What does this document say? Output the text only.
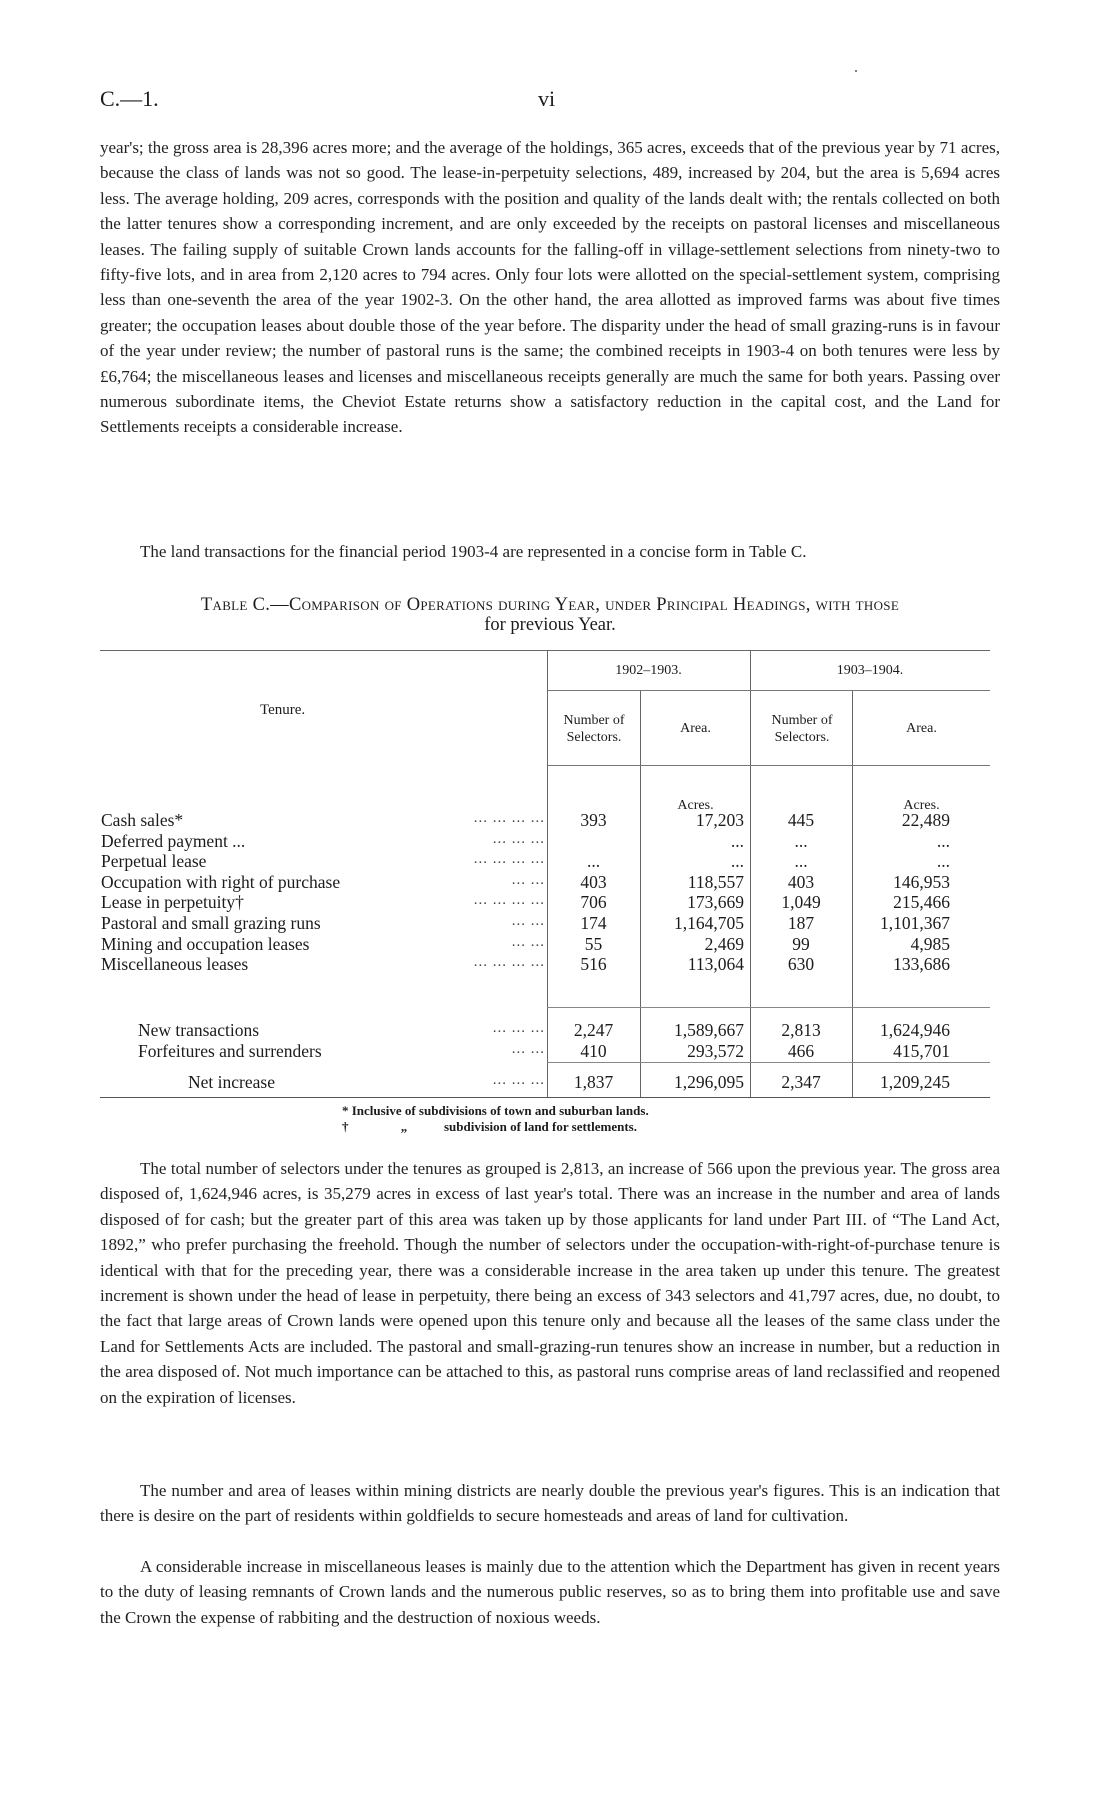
C.—1.	vi
year's; the gross area is 28,396 acres more; and the average of the holdings, 365 acres, exceeds that of the previous year by 71 acres, because the class of lands was not so good. The lease-in-perpetuity selections, 489, increased by 204, but the area is 5,694 acres less. The average holding, 209 acres, corresponds with the position and quality of the lands dealt with; the rentals collected on both the latter tenures show a corresponding increment, and are only exceeded by the receipts on pastoral licenses and miscellaneous leases. The failing supply of suitable Crown lands accounts for the falling-off in village-settlement selections from ninety-two to fifty-five lots, and in area from 2,120 acres to 794 acres. Only four lots were allotted on the special-settlement system, comprising less than one-seventh the area of the year 1902-3. On the other hand, the area allotted as improved farms was about five times greater; the occupation leases about double those of the year before. The disparity under the head of small grazing-runs is in favour of the year under review; the number of pastoral runs is the same; the combined receipts in 1903-4 on both tenures were less by £6,764; the miscellaneous leases and licenses and miscellaneous receipts generally are much the same for both years. Passing over numerous subordinate items, the Cheviot Estate returns show a satisfactory reduction in the capital cost, and the Land for Settlements receipts a considerable increase.
The land transactions for the financial period 1903-4 are represented in a concise form in Table C.
Table C.—Comparison of Operations during Year, under Principal Headings, with those
for previous Year.
Tenure.
1902–1903.	1903–1904.
Number of Selectors.
Area.
Number of Selectors.
Area.
Acres.	Acres.
Cash sales*	... ... ... ...	393	17,203	445	22,489
Deferred payment ...	... ... ...	...	...	...
Perpetual lease	... ... ... ...	...	...	...	...
Occupation with right of purchase	... ...	403	118,557	403	146,953
Lease in perpetuity†	... ... ... ...	706	173,669	1,049	215,466
Pastoral and small grazing runs	... ...	174	1,164,705	187	1,101,367
Mining and occupation leases	... ...	55	2,469	99	4,985
Miscellaneous leases	... ... ... ...	516	113,064	630	133,686
New transactions	... ... ...	2,247	1,589,667	2,813	1,624,946
Forfeitures and surrenders	... ...	410	293,572	466	415,701
Net increase	... ... ...	1,837	1,296,095	2,347	1,209,245
* Inclusive of subdivisions of town and suburban lands.
†	„	subdivision of land for settlements.
The total number of selectors under the tenures as grouped is 2,813, an increase of 566 upon the previous year. The gross area disposed of, 1,624,946 acres, is 35,279 acres in excess of last year's total. There was an increase in the number and area of lands disposed of for cash; but the greater part of this area was taken up by those applicants for land under Part III. of “The Land Act, 1892,” who prefer purchasing the freehold. Though the number of selectors under the occupation-with-right-of-purchase tenure is identical with that for the preceding year, there was a considerable increase in the area taken up under this tenure. The greatest increment is shown under the head of lease in perpetuity, there being an excess of 343 selectors and 41,797 acres, due, no doubt, to the fact that large areas of Crown lands were opened upon this tenure only and because all the leases of the same class under the Land for Settlements Acts are included. The pastoral and small-grazing-run tenures show an increase in number, but a reduction in the area disposed of. Not much importance can be attached to this, as pastoral runs comprise areas of land reclassified and reopened on the expiration of licenses.
The number and area of leases within mining districts are nearly double the previous year's figures. This is an indication that there is desire on the part of residents within goldfields to secure homesteads and areas of land for cultivation.
A considerable increase in miscellaneous leases is mainly due to the attention which the Department has given in recent years to the duty of leasing remnants of Crown lands and the numerous public reserves, so as to bring them into profitable use and save the Crown the expense of rabbiting and the destruction of noxious weeds.
